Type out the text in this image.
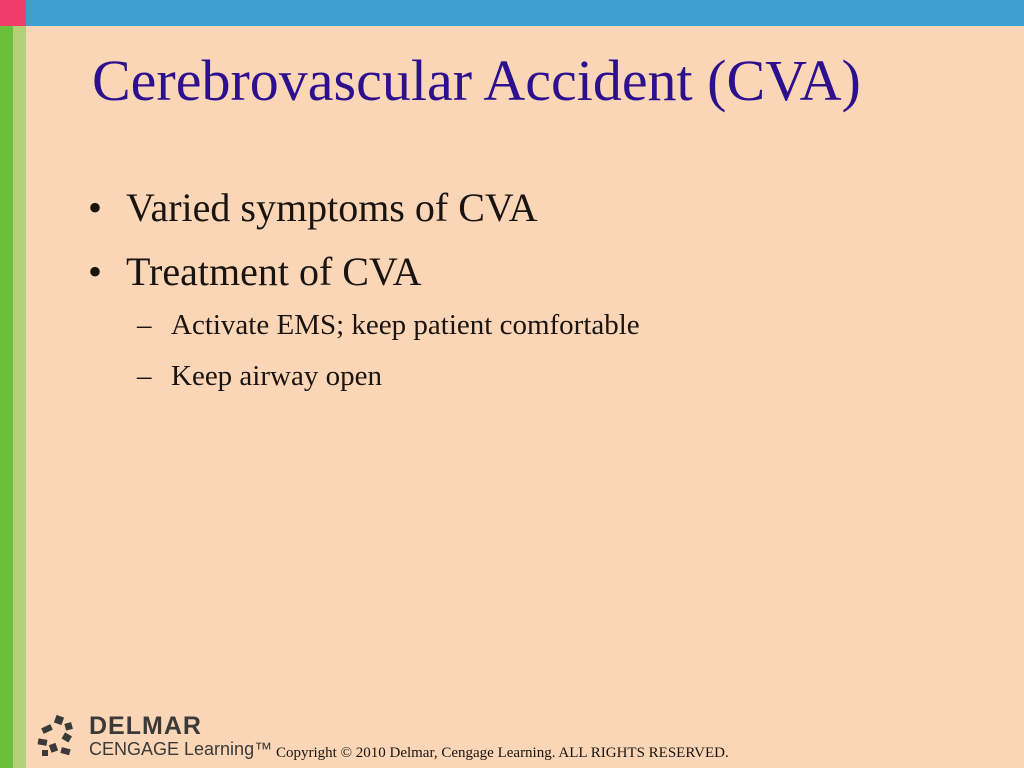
Cerebrovascular Accident (CVA)
• Varied symptoms of CVA
• Treatment of CVA
– Activate EMS; keep patient comfortable
– Keep airway open
DELMAR
CENGAGE Learning™ Copyright © 2010 Delmar, Cengage Learning. ALL RIGHTS RESERVED.
